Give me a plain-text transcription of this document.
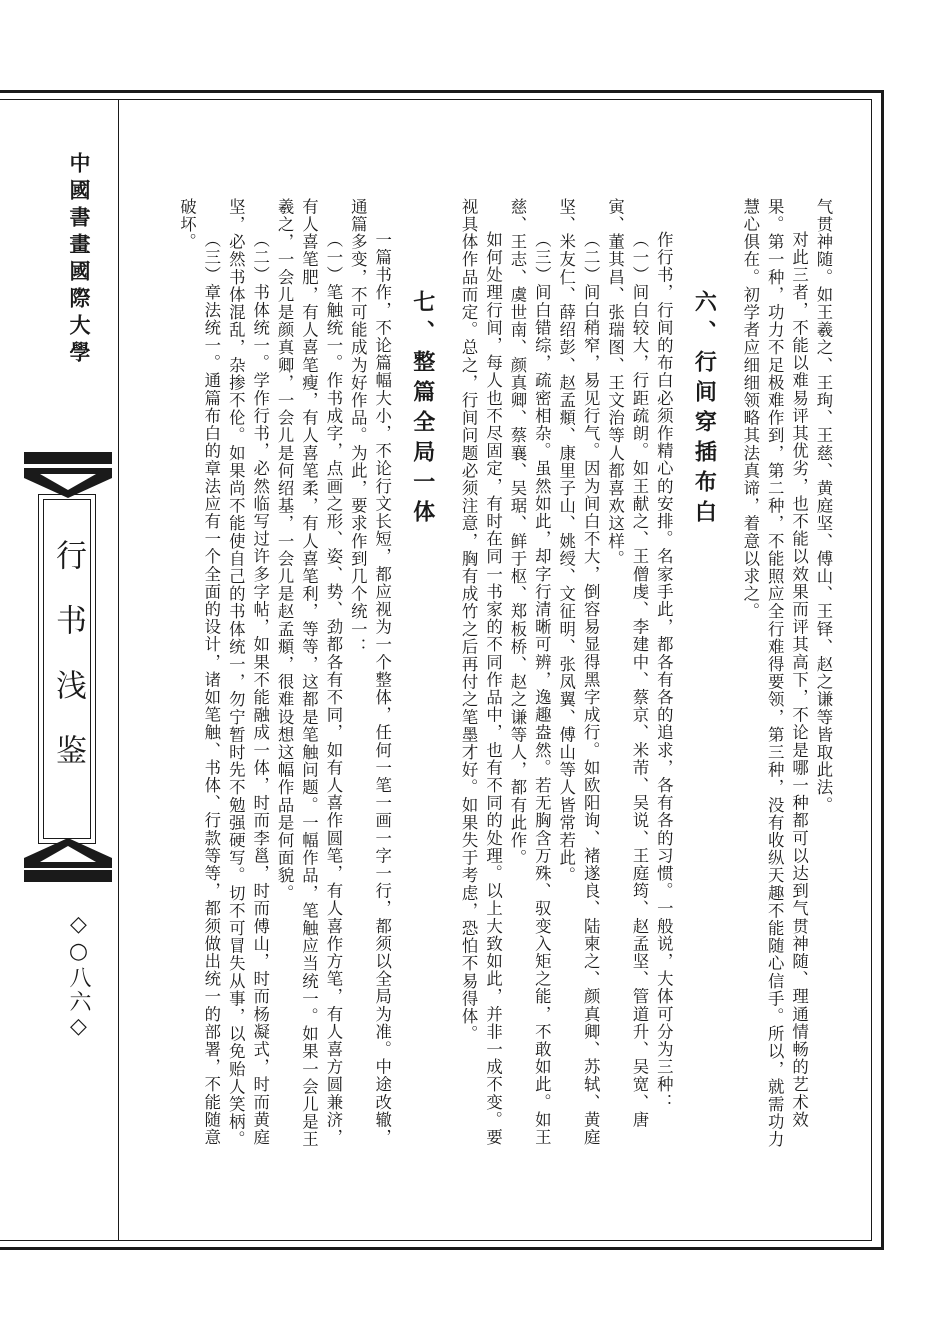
中國書畫國際大學
行书浅鉴
◇○八六◇

气贯神随。如王羲之、王珣、王慈、黄庭坚、傅山、王铎、赵之谦等皆取此法。

对此三者，不能以难易评其优劣，也不能以效果而评其高下，不论是哪一种都可以达到气贯神随、理通情畅的艺术效果。第一种，功力不足极难作到，第二种，不能照应全行难得要领，第三种，没有收纵天趣不能随心信手。所以，就需功力慧心俱在。初学者应细细领略其法真谛，着意以求之。

六、行间穿插布白

作行书，行间的布白必须作精心的安排。名家手此，都各有各的追求，各有各的习惯。一般说，大体可分为三种：

（一）间白较大，行距疏朗。如王献之、王僧虔、李建中、蔡京、米芾、吴说、王庭筠、赵孟坚、管道升、吴宽、唐寅、董其昌、张瑞图、王文治等人都喜欢这样。

（二）间白稍窄，易见行气。因为间白不大，倒容易显得黑字成行。如欧阳询、褚遂良、陆柬之、颜真卿、苏轼、黄庭坚、米友仁、薛绍彭、赵孟頫、康里子山、姚绶、文征明、张凤翼、傅山等人皆常若此。

（三）间白错综，疏密相杂。虽然如此，却字行清晰可辨，逸趣盎然。若无胸含万殊、驭变入矩之能，不敢如此。如王慈、王志、虞世南、颜真卿、蔡襄、吴琚、鲜于枢、郑板桥、赵之谦等人，都有此作。

如何处理行间，每人也不尽固定，有时在同一书家的不同作品中，也有不同的处理。以上大致如此，并非一成不变。要视具体作品而定。总之，行间问题必须注意，胸有成竹之后再付之笔墨才好。如果失于考虑，恐怕不易得体。

七、整篇全局一体

一篇书作，不论篇幅大小，不论行文长短，都应视为一个整体，任何一笔一画一字一行，都须以全局为准。中途改辙，通篇多变，不可能成为好作品。为此，要求作到几个统一：

（一）笔触统一。作书成字，点画之形、姿、势、劲都各有不同，如有人喜作圆笔，有人喜作方笔，有人喜方圆兼济，有人喜笔肥，有人喜笔瘦，有人喜笔柔，有人喜笔利，等等，这都是笔触问题。一幅作品，笔触应当统一。如果一会儿是王羲之，一会儿是颜真卿，一会儿是何绍基，一会儿是赵孟頫，很难设想这幅作品是何面貌。

（二）书体统一。学作行书，必然临写过许多字帖，如果不能融成一体，时而李邕，时而傅山，时而杨凝式，时而黄庭坚，必然书体混乱，杂掺不伦。如果尚不能使自己的书体统一，勿宁暂时先不勉强硬写。切不可冒失从事，以免贻人笑柄。

（三）章法统一。通篇布白的章法应有一个全面的设计，诸如笔触、书体、行款等等，都须做出统一的部署，不能随意破坏。
